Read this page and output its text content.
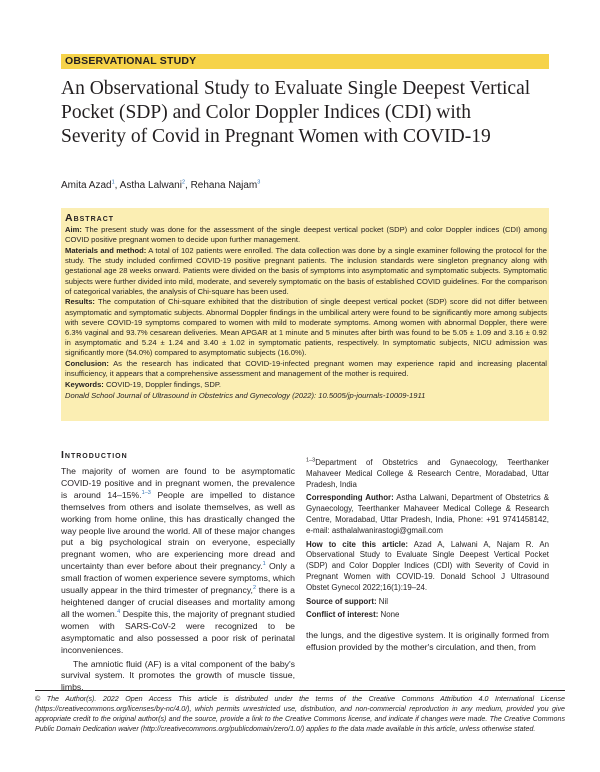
OBSERVATIONAL STUDY
An Observational Study to Evaluate Single Deepest Vertical Pocket (SDP) and Color Doppler Indices (CDI) with Severity of Covid in Pregnant Women with COVID-19
Amita Azad$^1$, Astha Lalwani$^2$, Rehana Najam$^3$
Abstract

Aim: The present study was done for the assessment of the single deepest vertical pocket (SDP) and color Doppler indices (CDI) among COVID positive pregnant women to decide upon further management.

Materials and method: A total of 102 patients were enrolled. The data collection was done by a single examiner following the protocol for the study. The study included confirmed COVID-19 positive pregnant patients. The inclusion standards were singleton pregnancy along with gestational age 28 weeks onward. Patients were divided on the basis of symptoms into asymptomatic and symptomatic subjects. Symptomatic subjects were further divided into mild, moderate, and severely symptomatic on the basis of established COVID guidelines. For the comparison of categorical variables, the analysis of Chi-square has been used.

Results: The computation of Chi-square exhibited that the distribution of single deepest vertical pocket (SDP) score did not differ between asymptomatic and symptomatic subjects. Abnormal Doppler findings in the umbilical artery were found to be significantly more among subjects with severe COVID-19 symptoms compared to women with mild to moderate symptoms. Among women with abnormal Doppler, there were 6.3% vaginal and 93.7% cesarean deliveries. Mean APGAR at 1 minute and 5 minutes after birth was found to be 5.05 ± 1.09 and 3.16 ± 0.92 in asymptomatic and 5.24 ± 1.24 and 3.40 ± 1.02 in symptomatic patients, respectively. In symptomatic subjects, NICU admission was significantly more (54.0%) compared to asymptomatic subjects (16.0%).

Conclusion: As the research has indicated that COVID-19-infected pregnant women may experience rapid and increasing placental insufficiency, it appears that a comprehensive assessment and management of the mother is required.

Keywords: COVID-19, Doppler findings, SDP.

Donald School Journal of Ultrasound in Obstetrics and Gynecology (2022): 10.5005/jp-journals-10009-1911

Introduction

The majority of women are found to be asymptomatic COVID-19 positive and in pregnant women, the prevalence is around 14–15%.$^{1-3}$ People are impelled to distance themselves from others and isolate themselves, as well as working from home online, this has drastically changed the way people live around the world. All of these major changes put a big psychological strain on everyone, especially pregnant women, who are experiencing more dread and uncertainty than ever before about their pregnancy.$^1$ Only a small fraction of women experience severe symptoms, which usually appear in the third trimester of pregnancy,$^2$ there is a heightened danger of crucial diseases and mortality among all the women.$^4$ Despite this, the majority of pregnant studied women with SARS-CoV-2 were recognized to be asymptomatic and also possessed a poor risk of perinatal inconveniences.

The amniotic fluid (AF) is a vital component of the baby's survival system. It promotes the growth of muscle tissue, limbs,

$^{1-3}$Department of Obstetrics and Gynaecology, Teerthanker Mahaveer Medical College & Research Centre, Moradabad, Uttar Pradesh, India

Corresponding Author: Astha Lalwani, Department of Obstetrics & Gynaecology, Teerthanker Mahaveer Medical College & Research Centre, Moradabad, Uttar Pradesh, India, Phone: +91 9741458142, e-mail: asthalalwanirastogi@gmail.com

How to cite this article: Azad A, Lalwani A, Najam R. An Observational Study to Evaluate Single Deepest Vertical Pocket (SDP) and Color Doppler Indices (CDI) with Severity of Covid in Pregnant Women with COVID-19. Donald School J Ultrasound Obstet Gynecol 2022;16(1):19–24.

Source of support: Nil

Conflict of interest: None

the lungs, and the digestive system. It is originally formed from effusion provided by the mother's circulation, and then, from

© The Author(s). 2022 Open Access This article is distributed under the terms of the Creative Commons Attribution 4.0 International License (https://creativecommons.org/licenses/by-nc/4.0/), which permits unrestricted use, distribution, and non-commercial reproduction in any medium, provided you give appropriate credit to the original author(s) and the source, provide a link to the Creative Commons license, and indicate if changes were made. The Creative Commons Public Domain Dedication waiver (http://creativecommons.org/publicdomain/zero/1.0/) applies to the data made available in this article, unless otherwise stated.
